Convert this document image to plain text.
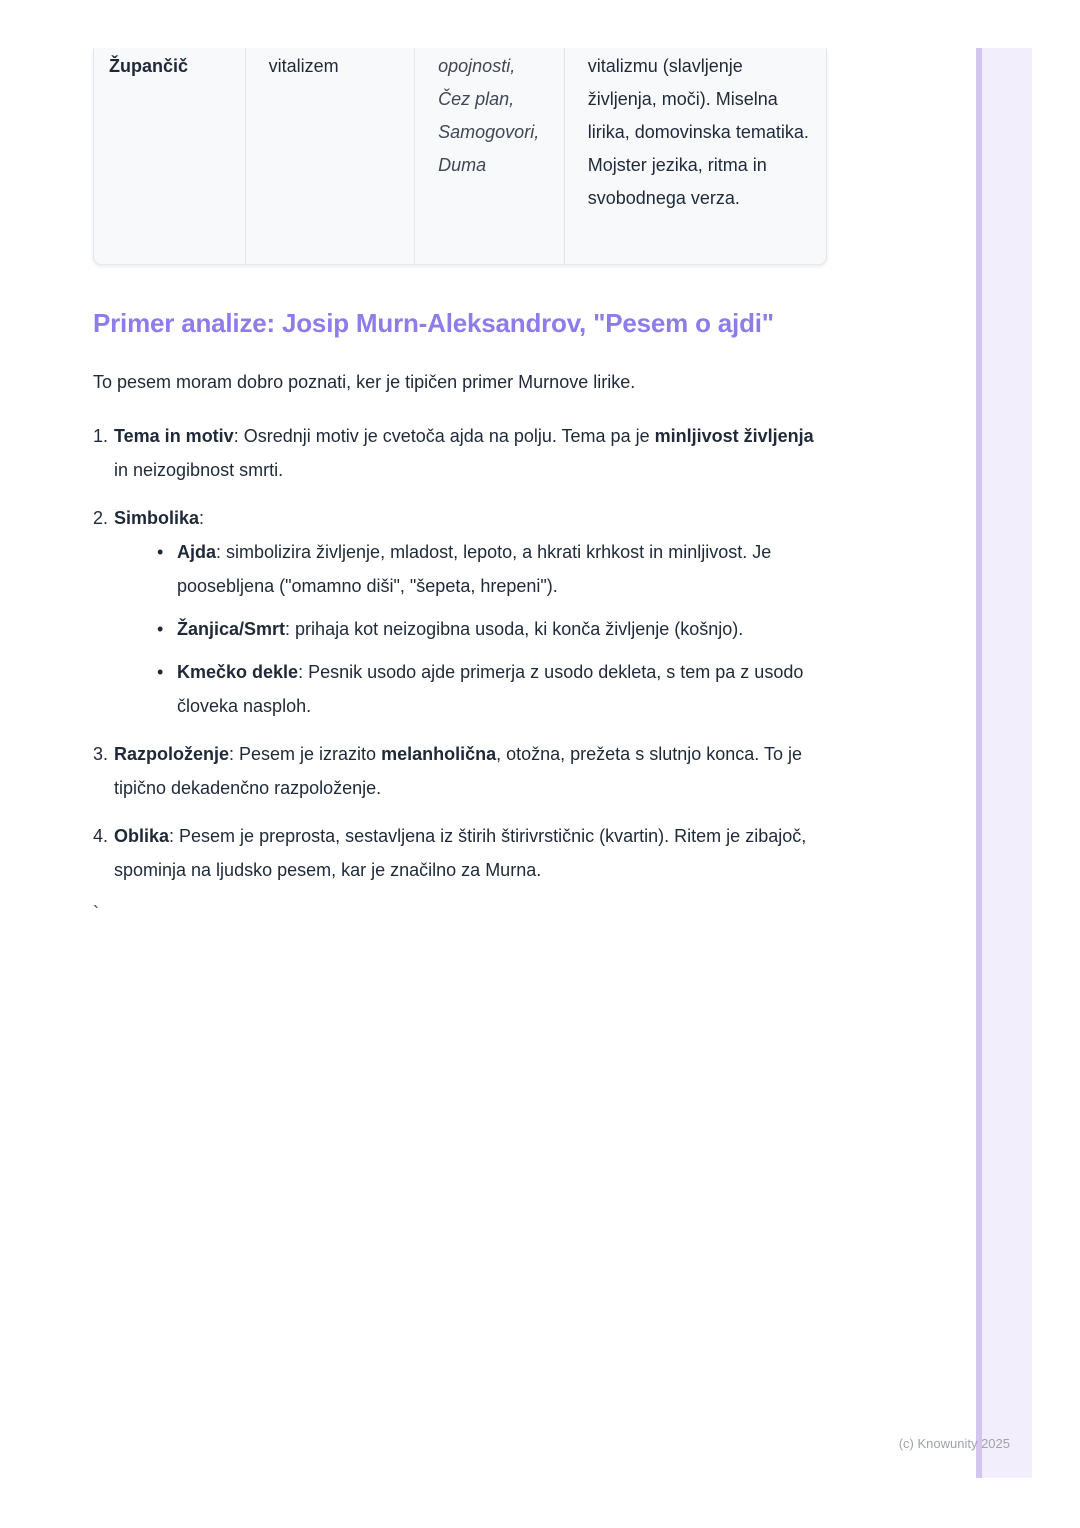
Župančič	vitalizem	opojnosti,
Čez plan,
Samogovori,
Duma
vitalizmu (slavljenje življenja, moči). Miselna lirika, domovinska tematika. Mojster jezika, ritma in svobodnega verza.
Primer analize: Josip Murn-Aleksandrov, "Pesem o ajdi"

To pesem moram dobro poznati, ker je tipičen primer Murnove lirike.

1. Tema in motiv: Osrednji motiv je cvetoča ajda na polju. Tema pa je minljivost življenja in neizogibnost smrti.
2. Simbolika:
• Ajda: simbolizira življenje, mladost, lepoto, a hkrati krhkost in minljivost. Je poosebljena ("omamno diši", "šepeta, hrepeni").
• Žanjica/Smrt: prihaja kot neizogibna usoda, ki konča življenje (košnjo).
• Kmečko dekle: Pesnik usodo ajde primerja z usodo dekleta, s tem pa z usodo človeka nasploh.
3. Razpoloženje: Pesem je izrazito melanholična, otožna, prežeta s slutnjo konca. To je tipično dekadenčno razpoloženje.
4. Oblika: Pesem je preprosta, sestavljena iz štirih štirivrstičnic (kvartin). Ritem je zibajoč, spominja na ljudsko pesem, kar je značilno za Murna.
`
(c) Knowunity 2025
